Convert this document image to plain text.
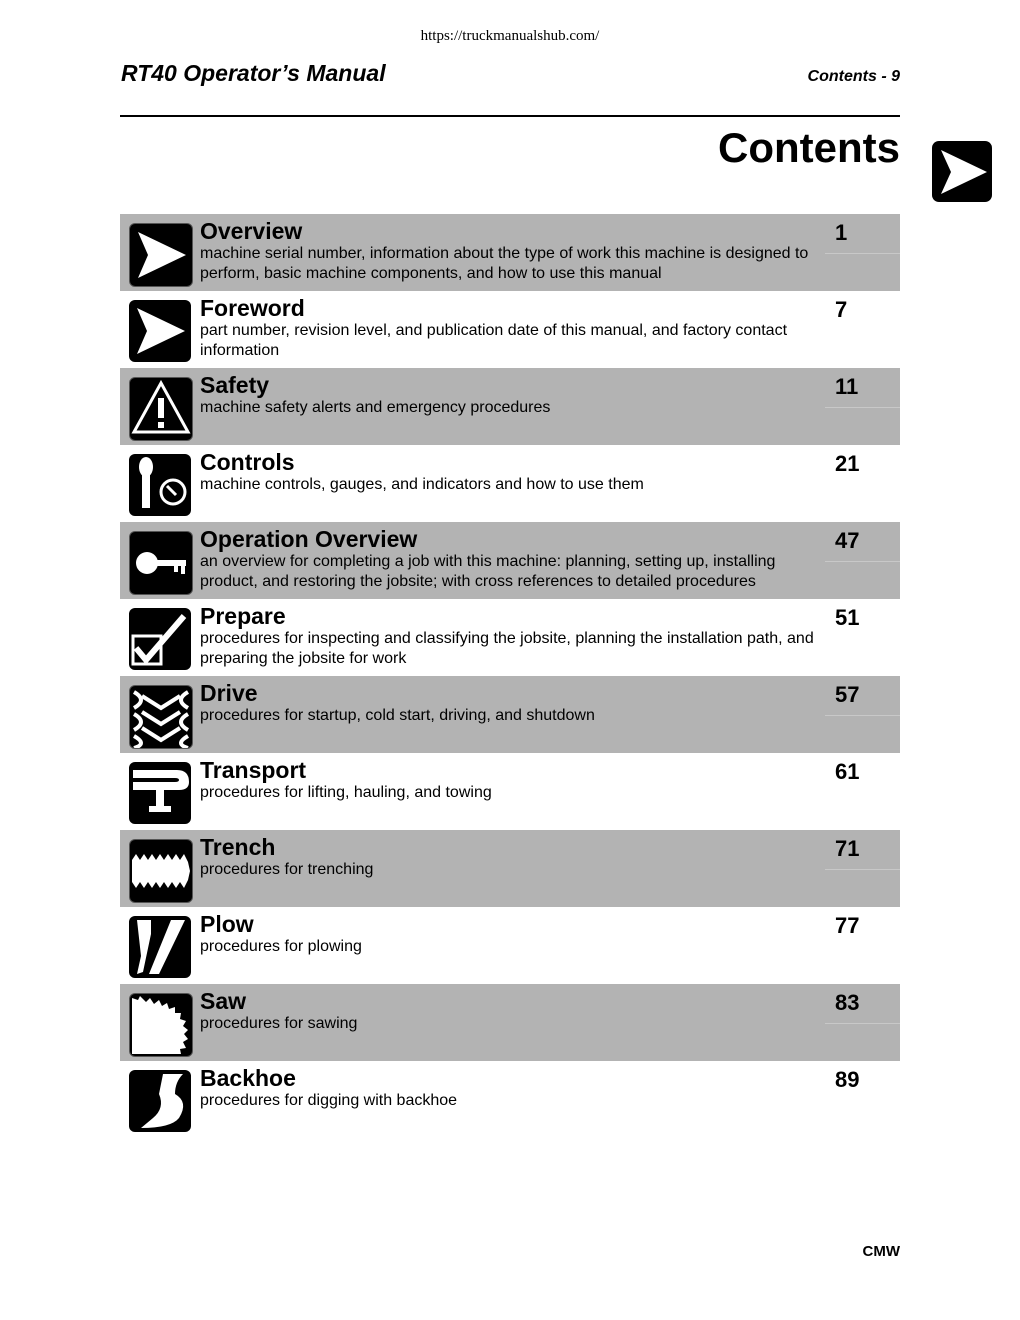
https://truckmanualshub.com/
RT40 Operator’s Manual	Contents - 9
Contents
Overview
machine serial number, information about the type of work this machine is designed to perform, basic machine components, and how to use this manual
1
Foreword
part number, revision level, and publication date of this manual, and factory contact information
7
Safety
machine safety alerts and emergency procedures
11
Controls
machine controls, gauges, and indicators and how to use them
21
Operation Overview
an overview for completing a job with this machine: planning, setting up, installing product, and restoring the jobsite; with cross references to detailed procedures
47
Prepare
procedures for inspecting and classifying the jobsite, planning the installation path, and preparing the jobsite for work
51
Drive
procedures for startup, cold start, driving, and shutdown
57
Transport
procedures for lifting, hauling, and towing
61
Trench
procedures for trenching
71
Plow
procedures for plowing
77
Saw
procedures for sawing
83
Backhoe
procedures for digging with backhoe
89
CMW
